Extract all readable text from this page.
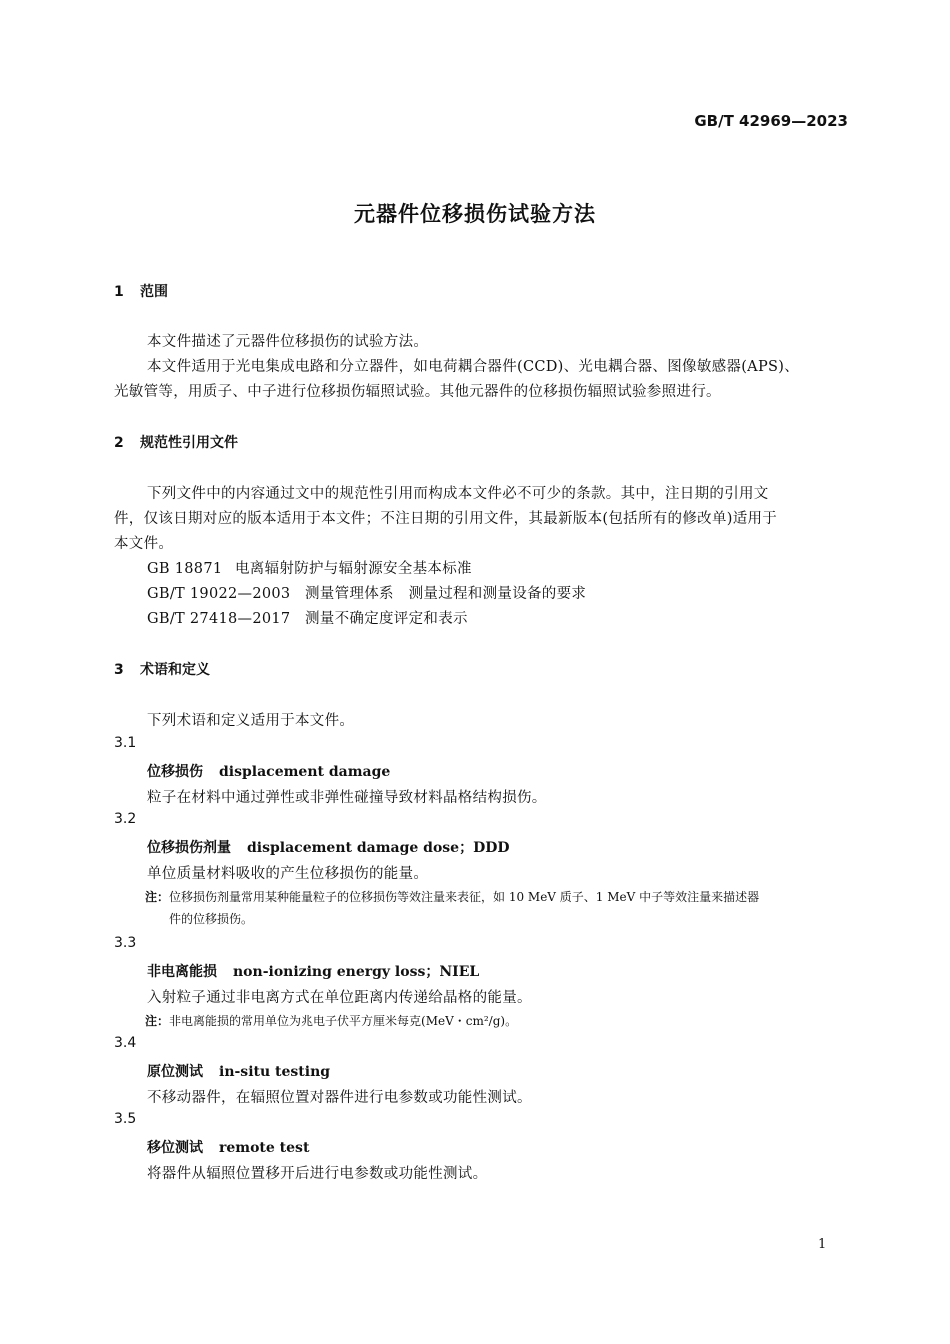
GB/T 42969—2023
元器件位移损伤试验方法
1 范围
本文件描述了元器件位移损伤的试验方法。
本文件适用于光电集成电路和分立器件，如电荷耦合器件(CCD)、光电耦合器、图像敏感器(APS)、
光敏管等，用质子、中子进行位移损伤辐照试验。其他元器件的位移损伤辐照试验参照进行。
2 规范性引用文件
下列文件中的内容通过文中的规范性引用而构成本文件必不可少的条款。其中，注日期的引用文
件，仅该日期对应的版本适用于本文件；不注日期的引用文件，其最新版本(包括所有的修改单)适用于
本文件。
GB 18871 电离辐射防护与辐射源安全基本标准
GB/T 19022—2003 测量管理体系　测量过程和测量设备的要求
GB/T 27418—2017 测量不确定度评定和表示
3 术语和定义
下列术语和定义适用于本文件。
3.1
位移损伤 displacement damage
粒子在材料中通过弹性或非弹性碰撞导致材料晶格结构损伤。
3.2
位移损伤剂量 displacement damage dose；DDD
单位质量材料吸收的产生位移损伤的能量。
注：位移损伤剂量常用某种能量粒子的位移损伤等效注量来表征，如 10 MeV 质子、1 MeV 中子等效注量来描述器
件的位移损伤。
3.3
非电离能损 non-ionizing energy loss；NIEL
入射粒子通过非电离方式在单位距离内传递给晶格的能量。
注：非电离能损的常用单位为兆电子伏平方厘米每克(MeV・cm²/g)。
3.4
原位测试 in-situ testing
不移动器件，在辐照位置对器件进行电参数或功能性测试。
3.5
移位测试 remote test
将器件从辐照位置移开后进行电参数或功能性测试。
1
